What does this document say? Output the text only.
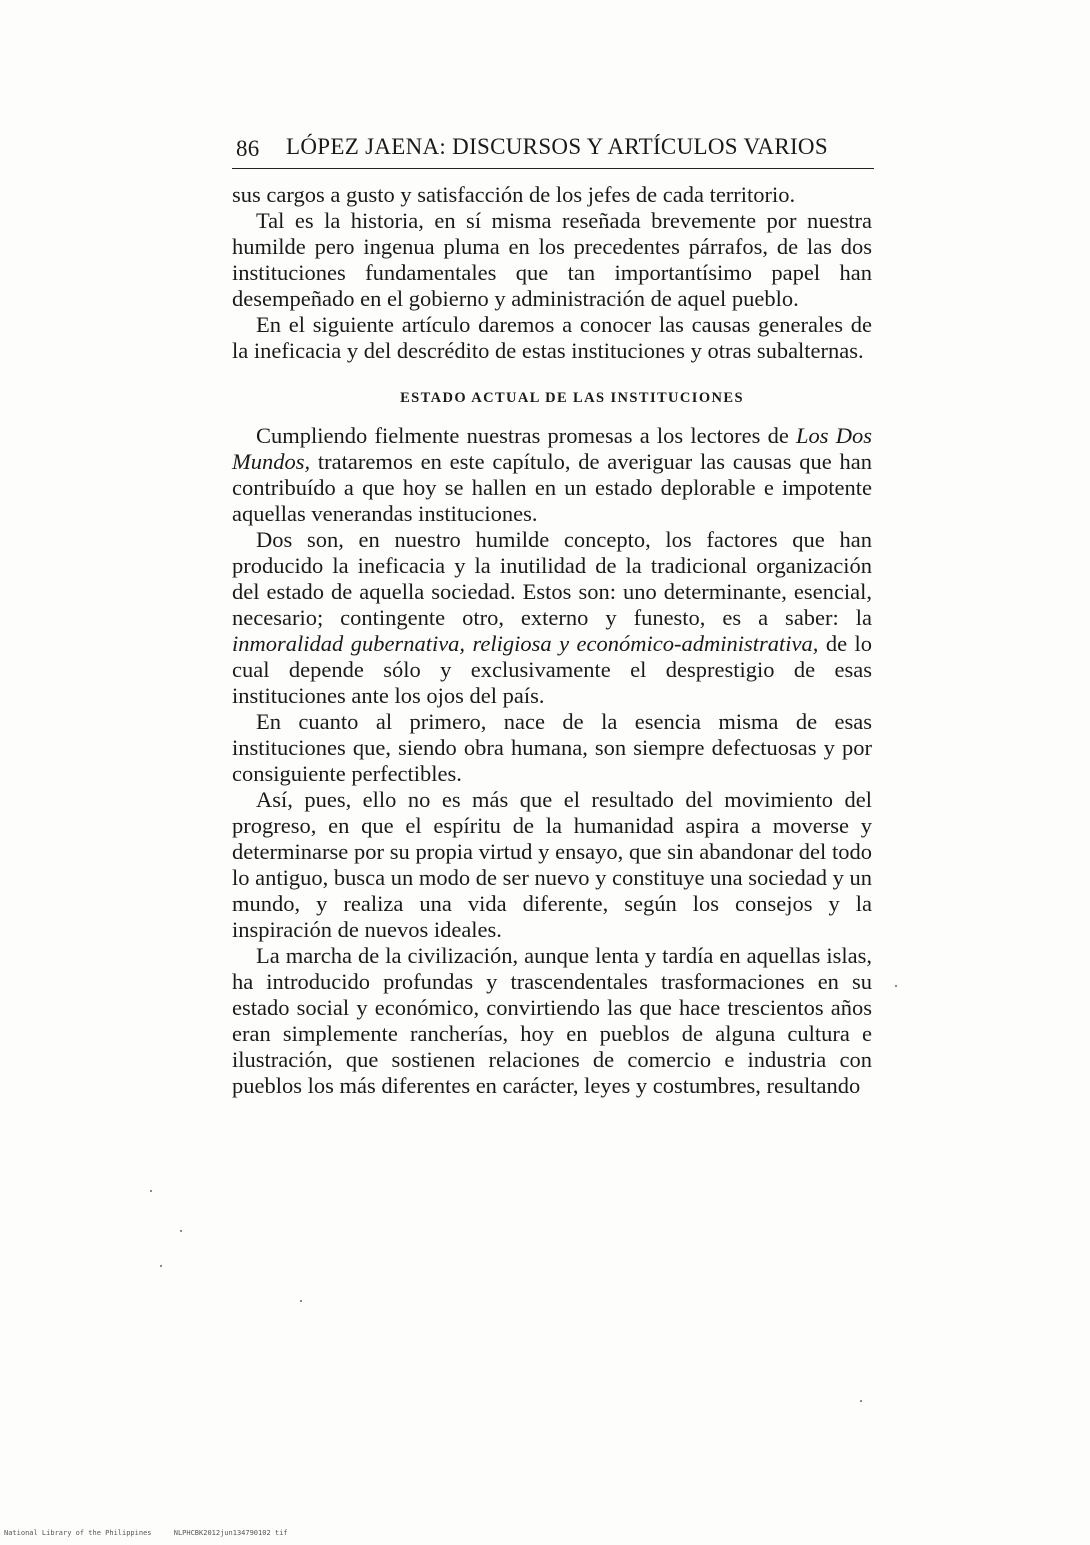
86 LÓPEZ JAENA: DISCURSOS Y ARTÍCULOS VARIOS

sus cargos a gusto y satisfacción de los jefes de cada territorio.

Tal es la historia, en sí misma reseñada brevemente por nuestra humilde pero ingenua pluma en los precedentes párrafos, de las dos instituciones fundamentales que tan importantísimo papel han desempeñado en el gobierno y administración de aquel pueblo.

En el siguiente artículo daremos a conocer las causas generales de la ineficacia y del descrédito de estas instituciones y otras subalternas.

ESTADO ACTUAL DE LAS INSTITUCIONES

Cumpliendo fielmente nuestras promesas a los lectores de Los Dos Mundos, trataremos en este capítulo, de averiguar las causas que han contribuído a que hoy se hallen en un estado deplorable e impotente aquellas venerandas instituciones.

Dos son, en nuestro humilde concepto, los factores que han producido la ineficacia y la inutilidad de la tradicional organización del estado de aquella sociedad. Estos son: uno determinante, esencial, necesario; contingente otro, externo y funesto, es a saber: la inmoralidad gubernativa, religiosa y económico-administrativa, de lo cual depende sólo y exclusivamente el desprestigio de esas instituciones ante los ojos del país.

En cuanto al primero, nace de la esencia misma de esas instituciones que, siendo obra humana, son siempre defectuosas y por consiguiente perfectibles.

Así, pues, ello no es más que el resultado del movimiento del progreso, en que el espíritu de la humanidad aspira a moverse y determinarse por su propia virtud y ensayo, que sin abandonar del todo lo antiguo, busca un modo de ser nuevo y constituye una sociedad y un mundo, y realiza una vida diferente, según los consejos y la inspiración de nuevos ideales.

La marcha de la civilización, aunque lenta y tardía en aquellas islas, ha introducido profundas y trascendentales trasformaciones en su estado social y económico, convirtiendo las que hace trescientos años eran simplemente rancherías, hoy en pueblos de alguna cultura e ilustración, que sostienen relaciones de comercio e industria con pueblos los más diferentes en carácter, leyes y costumbres, resultando

National Library of the Philippines	NLPHCBK2012jun134790102 tif
